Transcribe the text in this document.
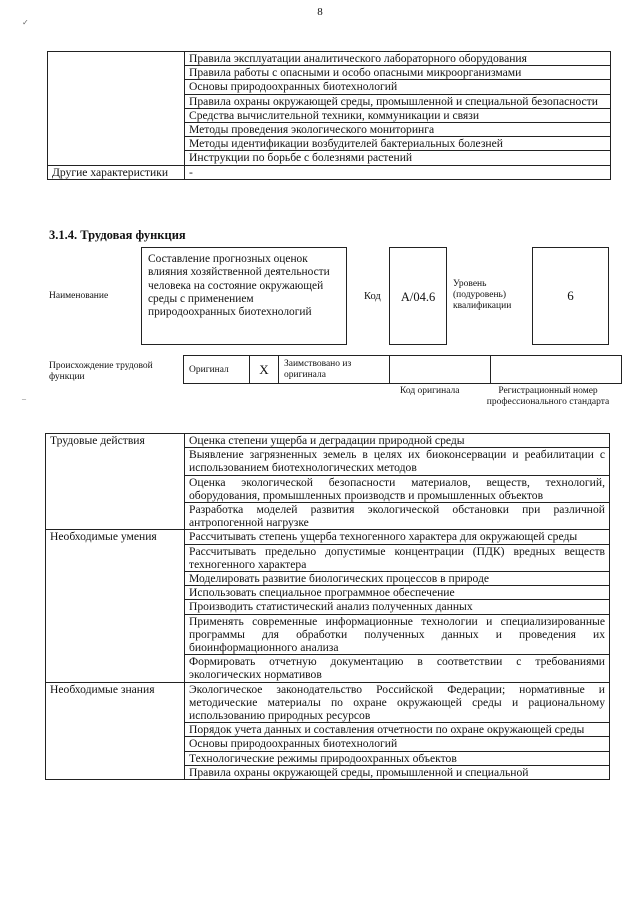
8
✓
–
	Правила эксплуатации аналитического лабораторного оборудования
	Правила работы с опасными и особо опасными микроорганизмами
	Основы природоохранных биотехнологий
	Правила охраны окружающей среды, промышленной и специальной безопасности
	Средства вычислительной техники, коммуникации и связи
	Методы проведения экологического мониторинга
	Методы идентификации возбудителей бактериальных болезней
	Инструкции по борьбе с болезнями растений
Другие характеристики	-
3.1.4. Трудовая функция
Наименование
Составление прогнозных оценок влияния хозяйственной деятельности человека на состояние окружающей среды с применением природоохранных биотехнологий
Код	А/04.6
Уровень (подуровень) квалификации
6
Происхождение трудовой функции
Оригинал	X	Заимствовано из оригинала		
Код оригинала	Регистрационный номер профессионального стандарта
Трудовые действия	Оценка степени ущерба и деградации природной среды
	Выявление загрязненных земель в целях их биоконсервации и реабилитации с использованием биотехнологических методов
	Оценка экологической безопасности материалов, веществ, технологий, оборудования, промышленных производств и промышленных объектов
	Разработка моделей развития экологической обстановки при различной антропогенной нагрузке
Необходимые умения	Рассчитывать степень ущерба техногенного характера для окружающей среды
	Рассчитывать предельно допустимые концентрации (ПДК) вредных веществ техногенного характера
	Моделировать развитие биологических процессов в природе
	Использовать специальное программное обеспечение
	Производить статистический анализ полученных данных
	Применять современные информационные технологии и специализированные программы для обработки полученных данных и проведения их биоинформационного анализа
	Формировать отчетную документацию в соответствии с требованиями экологических нормативов
Необходимые знания	Экологическое законодательство Российской Федерации; нормативные и методические материалы по охране окружающей среды и рациональному использованию природных ресурсов
	Порядок учета данных и составления отчетности по охране окружающей среды
	Основы природоохранных биотехнологий
	Технологические режимы природоохранных объектов
	Правила охраны окружающей среды, промышленной и специальной
